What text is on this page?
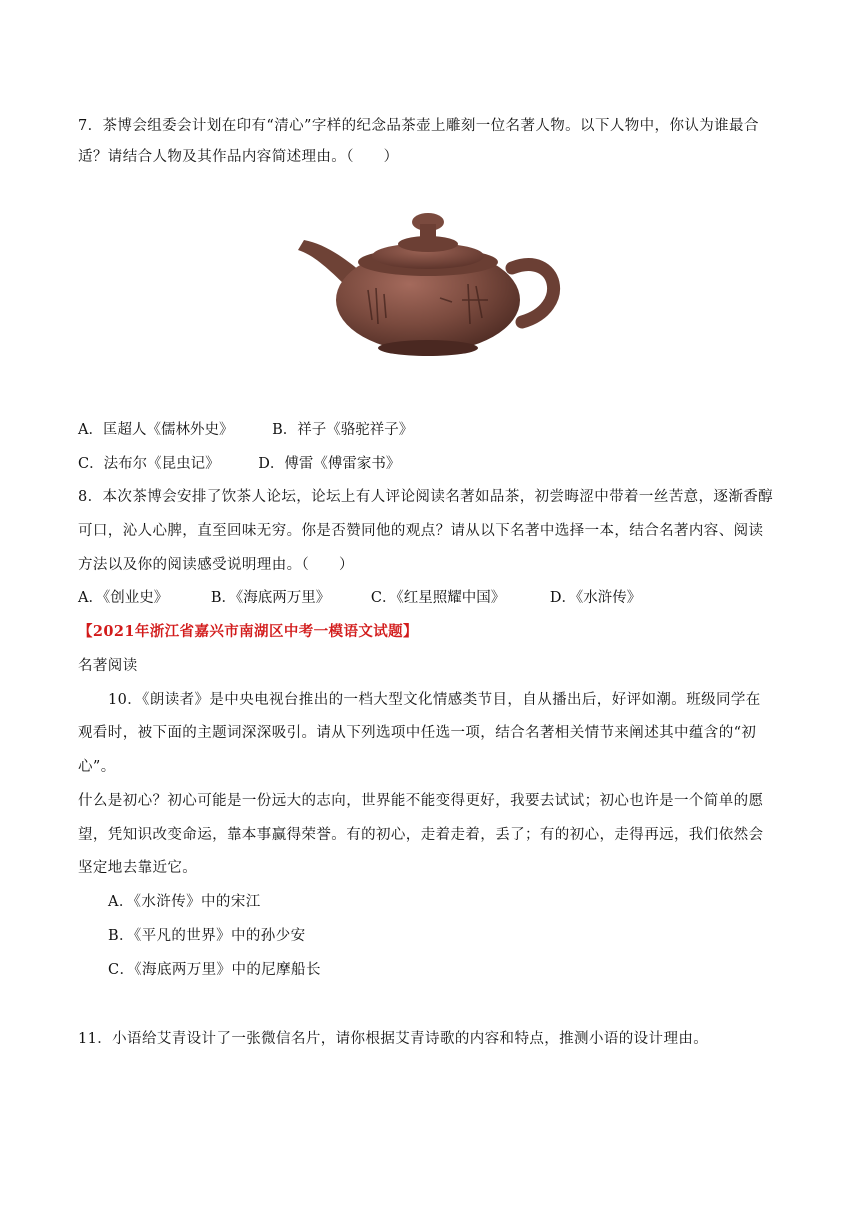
7．茶博会组委会计划在印有“清心”字样的纪念品茶壶上雕刻一位名著人物。以下人物中，你认为谁最合
适？请结合人物及其作品内容简述理由。（　　）
A．匡超人《儒林外史》	B．祥子《骆驼祥子》
C．法布尔《昆虫记》	D．傅雷《傅雷家书》
8．本次茶博会安排了饮茶人论坛，论坛上有人评论阅读名著如品茶，初尝晦涩中带着一丝苦意，逐渐香醇
可口，沁人心脾，直至回味无穷。你是否赞同他的观点？请从以下名著中选择一本，结合名著内容、阅读
方法以及你的阅读感受说明理由。（　　）
A．《创业史》	B．《海底两万里》	C．《红星照耀中国》	D．《水浒传》
【2021年浙江省嘉兴市南湖区中考一模语文试题】
名著阅读
10．《朗读者》是中央电视台推出的一档大型文化情感类节目，自从播出后，好评如潮。班级同学在
观看时，被下面的主题词深深吸引。请从下列选项中任选一项，结合名著相关情节来阐述其中蕴含的“初
心”。
什么是初心？初心可能是一份远大的志向，世界能不能变得更好，我要去试试；初心也许是一个简单的愿
望，凭知识改变命运，靠本事赢得荣誉。有的初心，走着走着，丢了；有的初心，走得再远，我们依然会
坚定地去靠近它。
A．《水浒传》中的宋江
B．《平凡的世界》中的孙少安
C．《海底两万里》中的尼摩船长
11．小语给艾青设计了一张微信名片，请你根据艾青诗歌的内容和特点，推测小语的设计理由。
